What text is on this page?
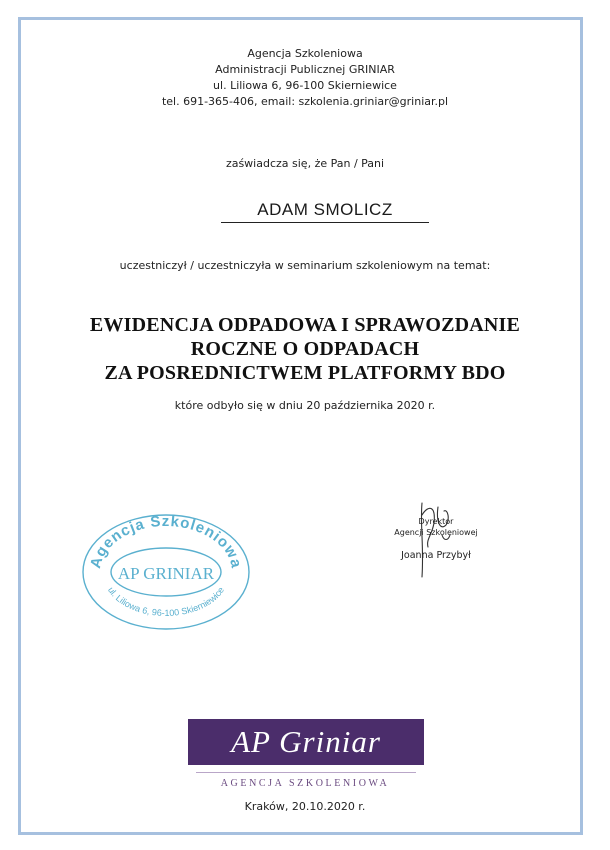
Agencja Szkoleniowa
Administracji Publicznej GRINIAR
ul. Liliowa 6, 96-100 Skierniewice
tel. 691-365-406, email: szkolenia.griniar@griniar.pl
zaświadcza się, że Pan / Pani
ADAM SMOLICZ
uczestniczył / uczestniczyła w seminarium szkoleniowym na temat:
EWIDENCJA ODPADOWA I SPRAWOZDANIE
ROCZNE O ODPADACH
ZA POSREDNICTWEM PLATFORMY BDO
które odbyło się w dniu 20 października 2020 r.
Agencja Szkoleniowa
AP GRINIAR
ul. Liliowa 6, 96-100 Skierniewice
Dyrektor
Agencji Szkoleniowej
Joanna Przybył
AP Griniar
AGENCJA SZKOLENIOWA
Kraków, 20.10.2020 r.
